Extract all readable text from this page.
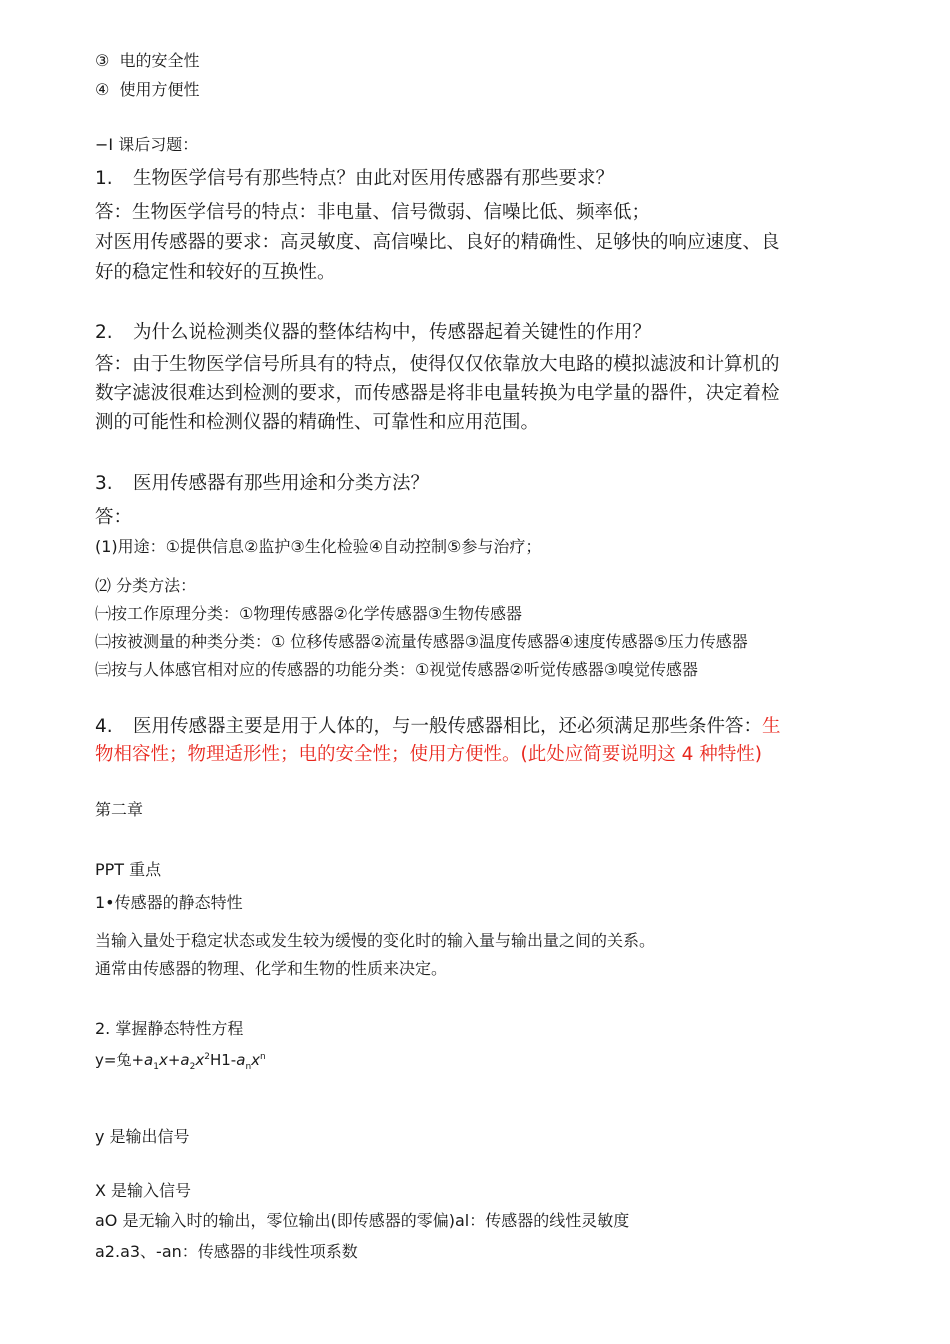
③ 电的安全性

④ 使用方便性

−I 课后习题：

1. 生物医学信号有那些特点？由此对医用传感器有那些要求？

答：生物医学信号的特点：非电量、信号微弱、信噪比低、频率低；

对医用传感器的要求：高灵敏度、高信噪比、良好的精确性、足够快的响应速度、良

好的稳定性和较好的互换性。

2. 为什么说检测类仪器的整体结构中，传感器起着关键性的作用？

答：由于生物医学信号所具有的特点，使得仅仅依靠放大电路的模拟滤波和计算机的

数字滤波很难达到检测的要求，而传感器是将非电量转换为电学量的器件，决定着检

测的可能性和检测仪器的精确性、可靠性和应用范围。

3. 医用传感器有那些用途和分类方法？

答：

(1)用途：①提供信息②监护③生化检验④自动控制⑤参与治疗；

⑵ 分类方法：

㈠按工作原理分类：①物理传感器②化学传感器③生物传感器

㈡按被测量的种类分类：① 位移传感器②流量传感器③温度传感器④速度传感器⑤压力传感器

㈢按与人体感官相对应的传感器的功能分类：①视觉传感器②听觉传感器③嗅觉传感器

4. 医用传感器主要是用于人体的，与一般传感器相比，还必须满足那些条件答：生

物相容性；物理适形性；电的安全性；使用方便性。(此处应简要说明这 4 种特性)

第二章

PPT 重点

1•传感器的静态特性

当输入量处于稳定状态或发生较为缓慢的变化时的输入量与输出量之间的关系。

通常由传感器的物理、化学和生物的性质来决定。

2. 掌握静态特性方程

y=兔$+a_1x+a_2x^2H1-a_nx^n$

y 是输出信号

X 是输入信号

aO 是无输入时的输出，零位输出(即传感器的零偏)al：传感器的线性灵敏度

a2.a3、-an：传感器的非线性项系数
